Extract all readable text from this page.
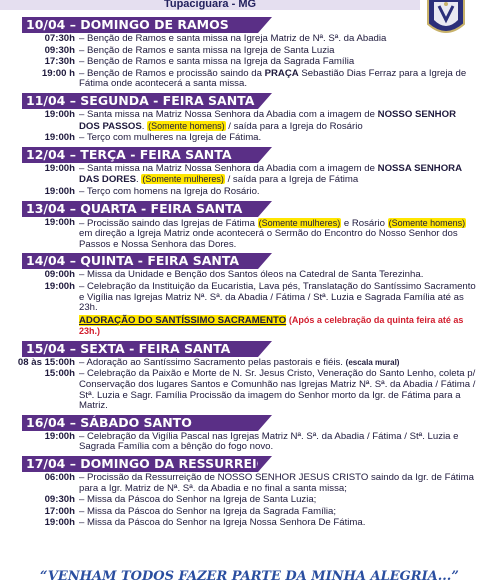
Tupaciguara - MG
10/04 – DOMINGO DE RAMOS
07:30h – Benção de Ramos e santa missa na Igreja Matriz de Nª. Sª. da Abadia
09:30h – Benção de Ramos e santa missa na Igreja de Santa Luzia
17:30h – Benção de Ramos e santa missa na Igreja da Sagrada Família
19:00 h – Benção de Ramos e procissão saindo da PRAÇA Sebastião Dias Ferraz para a Igreja de Fátima onde acontecerá a santa missa.
11/04 – SEGUNDA - FEIRA SANTA
19:00h – Santa missa na Matriz Nossa Senhora da Abadia com a imagem de NOSSO SENHOR DOS PASSOS. (Somente homens) / saída para a Igreja do Rosário
19:00h – Terço com mulheres na Igreja de Fátima.
12/04 – TERÇA - FEIRA SANTA
19:00h – Santa missa na Matriz Nossa Senhora da Abadia com a imagem de NOSSA SENHORA DAS DORES. (Somente mulheres) / saída para a Igreja de Fátima
19:00h – Terço com homens na Igreja do Rosário.
13/04 – QUARTA - FEIRA SANTA
19:00h – Procissão saindo das Igrejas de Fátima (Somente mulheres) e Rosário (Somente homens) em direção a Igreja Matriz onde acontecerá o Sermão do Encontro do Nosso Senhor dos Passos e Nossa Senhora das Dores.
14/04 – QUINTA - FEIRA SANTA
09:00h – Missa da Unidade e Benção dos Santos óleos na Catedral de Santa Terezinha.
19:00h – Celebração da Instituição da Eucaristia, Lava pés, Translatação do Santíssimo Sacramento e Vigília nas Igrejas Matriz Nª. Sª. da Abadia / Fátima / Stª. Luzia e Sagrada Família até as 23h.
ADORAÇÃO DO SANTÍSSIMO SACRAMENTO (Após a celebração da quinta feira até as 23h.)
15/04 – SEXTA - FEIRA SANTA
08 às 15:00h – Adoração ao Santíssimo Sacramento pelas pastorais e fiéis. (escala mural)
15:00h – Celebração da Paixão e Morte de N. Sr. Jesus Cristo, Veneração do Santo Lenho, coleta p/ Conservação dos lugares Santos e Comunhão nas Igrejas Matriz Nª. Sª. da Abadia / Fátima / Stª. Luzia e Sagr. Família Procissão da imagem do Senhor morto da Igr. de Fátima para a Matriz.
16/04 – SÁBADO SANTO
19:00h – Celebração da Vigília Pascal nas Igrejas Matriz Nª. Sª. da Abadia / Fátima / Stª. Luzia e Sagrada Família com a bênção do fogo novo.
17/04 – DOMINGO DA RESSURREIÇÃO
06:00h – Procissão da Ressurreição de NOSSO SENHOR JESUS CRISTO saindo da Igr. de Fátima para a Igr. Matriz de Nª. Sª. da Abadia e no final a santa missa;
09:30h – Missa da Páscoa do Senhor na Igreja de Santa Luzia;
17:00h – Missa da Páscoa do Senhor na Igreja da Sagrada Família;
19:00h – Missa da Páscoa do Senhor na Igreja Nossa Senhora De Fátima.
“VENHAM TODOS FAZER PARTE DA MINHA ALEGRIA...”
